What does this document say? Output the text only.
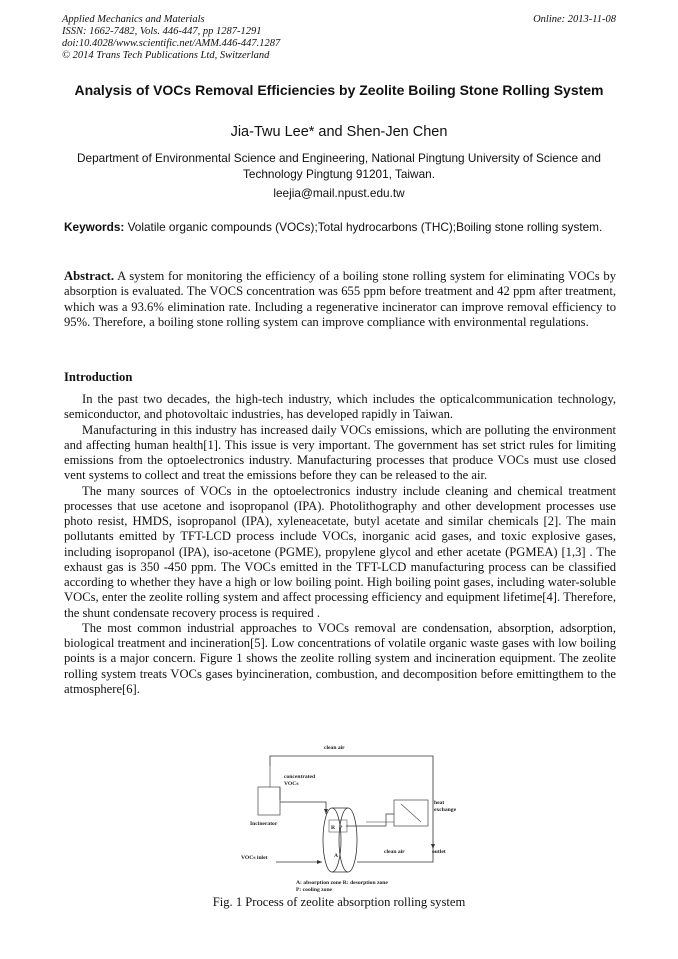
Applied Mechanics and Materials
ISSN: 1662-7482, Vols. 446-447, pp 1287-1291
doi:10.4028/www.scientific.net/AMM.446-447.1287
© 2014 Trans Tech Publications Ltd, Switzerland
Online: 2013-11-08
Analysis of VOCs Removal Efficiencies by Zeolite Boiling Stone Rolling System
Jia-Twu Lee* and Shen-Jen Chen
Department of Environmental Science and Engineering, National Pingtung University of Science and Technology Pingtung 91201, Taiwan.
leejia@mail.npust.edu.tw
Keywords: Volatile organic compounds (VOCs);Total hydrocarbons (THC);Boiling stone rolling system.
Abstract. A system for monitoring the efficiency of a boiling stone rolling system for eliminating VOCs by absorption is evaluated. The VOCS concentration was 655 ppm before treatment and 42 ppm after treatment, which was a 93.6% elimination rate. Including a regenerative incinerator can improve removal efficiency to 95%. Therefore, a boiling stone rolling system can improve compliance with environmental regulations.
Introduction

In the past two decades, the high-tech industry, which includes the opticalcommunication technology, semiconductor, and photovoltaic industries, has developed rapidly in Taiwan.

Manufacturing in this industry has increased daily VOCs emissions, which are polluting the environment and affecting human health[1]. This issue is very important. The government has set strict rules for limiting emissions from the optoelectronics industry. Manufacturing processes that produce VOCs must use closed vent systems to collect and treat the emissions before they can be released to the air.

The many sources of VOCs in the optoelectronics industry include cleaning and chemical treatment processes that use acetone and isopropanol (IPA). Photolithography and other development processes use photo resist, HMDS, isopropanol (IPA), xyleneacetate, butyl acetate and similar chemicals [2]. The main pollutants emitted by TFT-LCD process include VOCs, inorganic acid gases, and toxic explosive gases, including isopropanol (IPA), iso-acetone (PGME), propylene glycol and ether acetate (PGMEA) [1,3] . The exhaust gas is 350 -450 ppm. The VOCs emitted in the TFT-LCD manufacturing process can be classified according to whether they have a high or low boiling point. High boiling point gases, including water-soluble VOCs, enter the zeolite rolling system and affect processing efficiency and equipment lifetime[4]. Therefore, the shunt condensate recovery process is required .

The most common industrial approaches to VOCs removal are condensation, absorption, adsorption, biological treatment and incineration[5]. Low concentrations of volatile organic waste gases with low boiling points is a major concern. Figure 1 shows the zeolite rolling system and incineration equipment. The zeolite rolling system treats VOCs gases byincineration, combustion, and decomposition before emittingthem to the atmosphere[6].

clean air
concentrated
VOCs
heat
exchange
Incinerator
VOCs inlet
clean air	outlet
R P
A
A: absorption zone R: desorption zone
P: cooling zone
Fig. 1 Process of zeolite absorption rolling system
